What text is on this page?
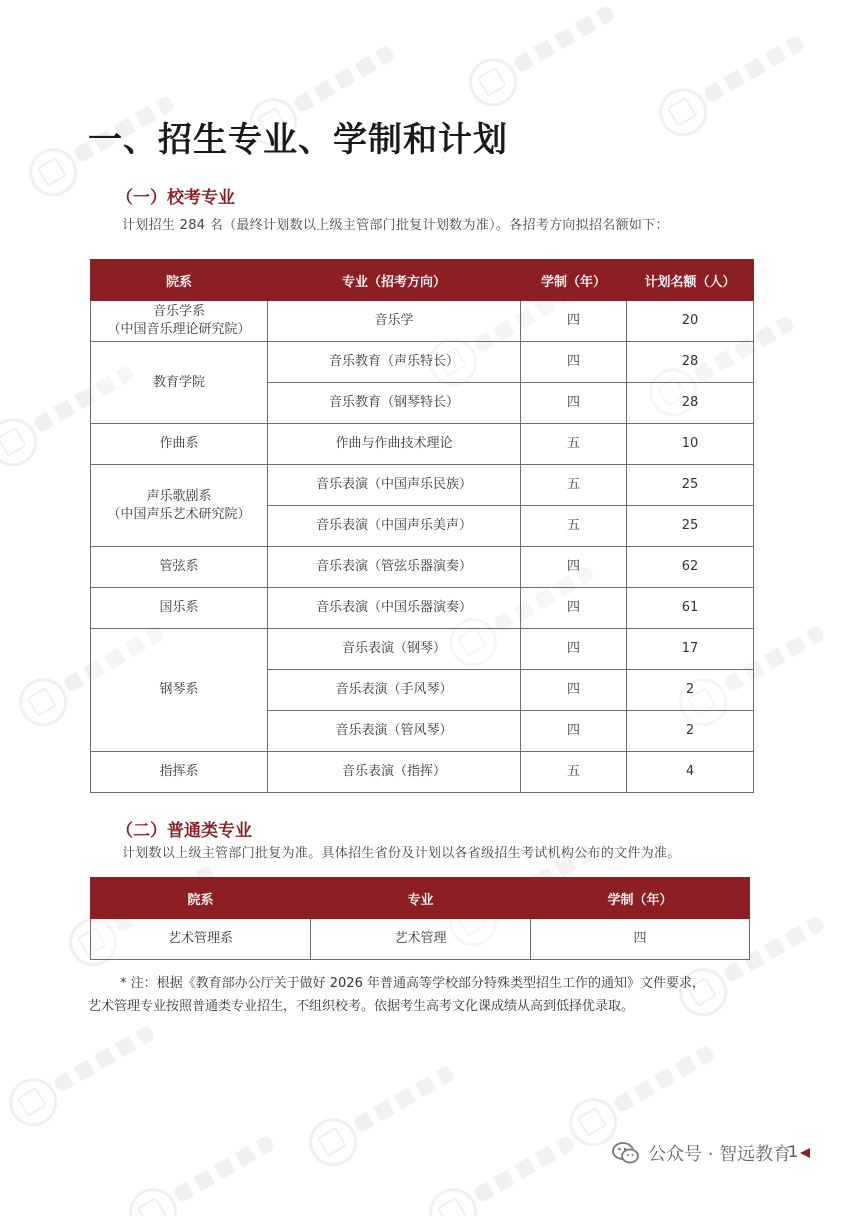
一、招生专业、学制和计划
（一）校考专业

计划招生 284 名（最终计划数以上级主管部门批复计划数为准）。各招考方向拟招名额如下：

院系	专业（招考方向）	学制（年）	计划名额（人）

音乐学系
（中国音乐理论研究院）	音乐学	四	20

教育学院	音乐教育（声乐特长）	四	28
	音乐教育（钢琴特长）	四	28

作曲系	作曲与作曲技术理论	五	10

声乐歌剧系
（中国声乐艺术研究院）	音乐表演（中国声乐民族）	五	25
	音乐表演（中国声乐美声）	五	25

管弦系	音乐表演（管弦乐器演奏）	四	62

国乐系	音乐表演（中国乐器演奏）	四	61

钢琴系	音乐表演（钢琴）	四	17
	音乐表演（手风琴）	四	2
	音乐表演（管风琴）	四	2

指挥系	音乐表演（指挥）	五	4
（二）普通类专业

计划数以上级主管部门批复为准。具体招生省份及计划以各省级招生考试机构公布的文件为准。

院系	专业	学制（年）
艺术管理系	艺术管理	四

* 注：根据《教育部办公厅关于做好 2026 年普通高等学校部分特殊类型招生工作的通知》文件要求，
艺术管理专业按照普通类专业招生，不组织校考。依据考生高考文化课成绩从高到低择优录取。

公众号 · 智远教育
1
